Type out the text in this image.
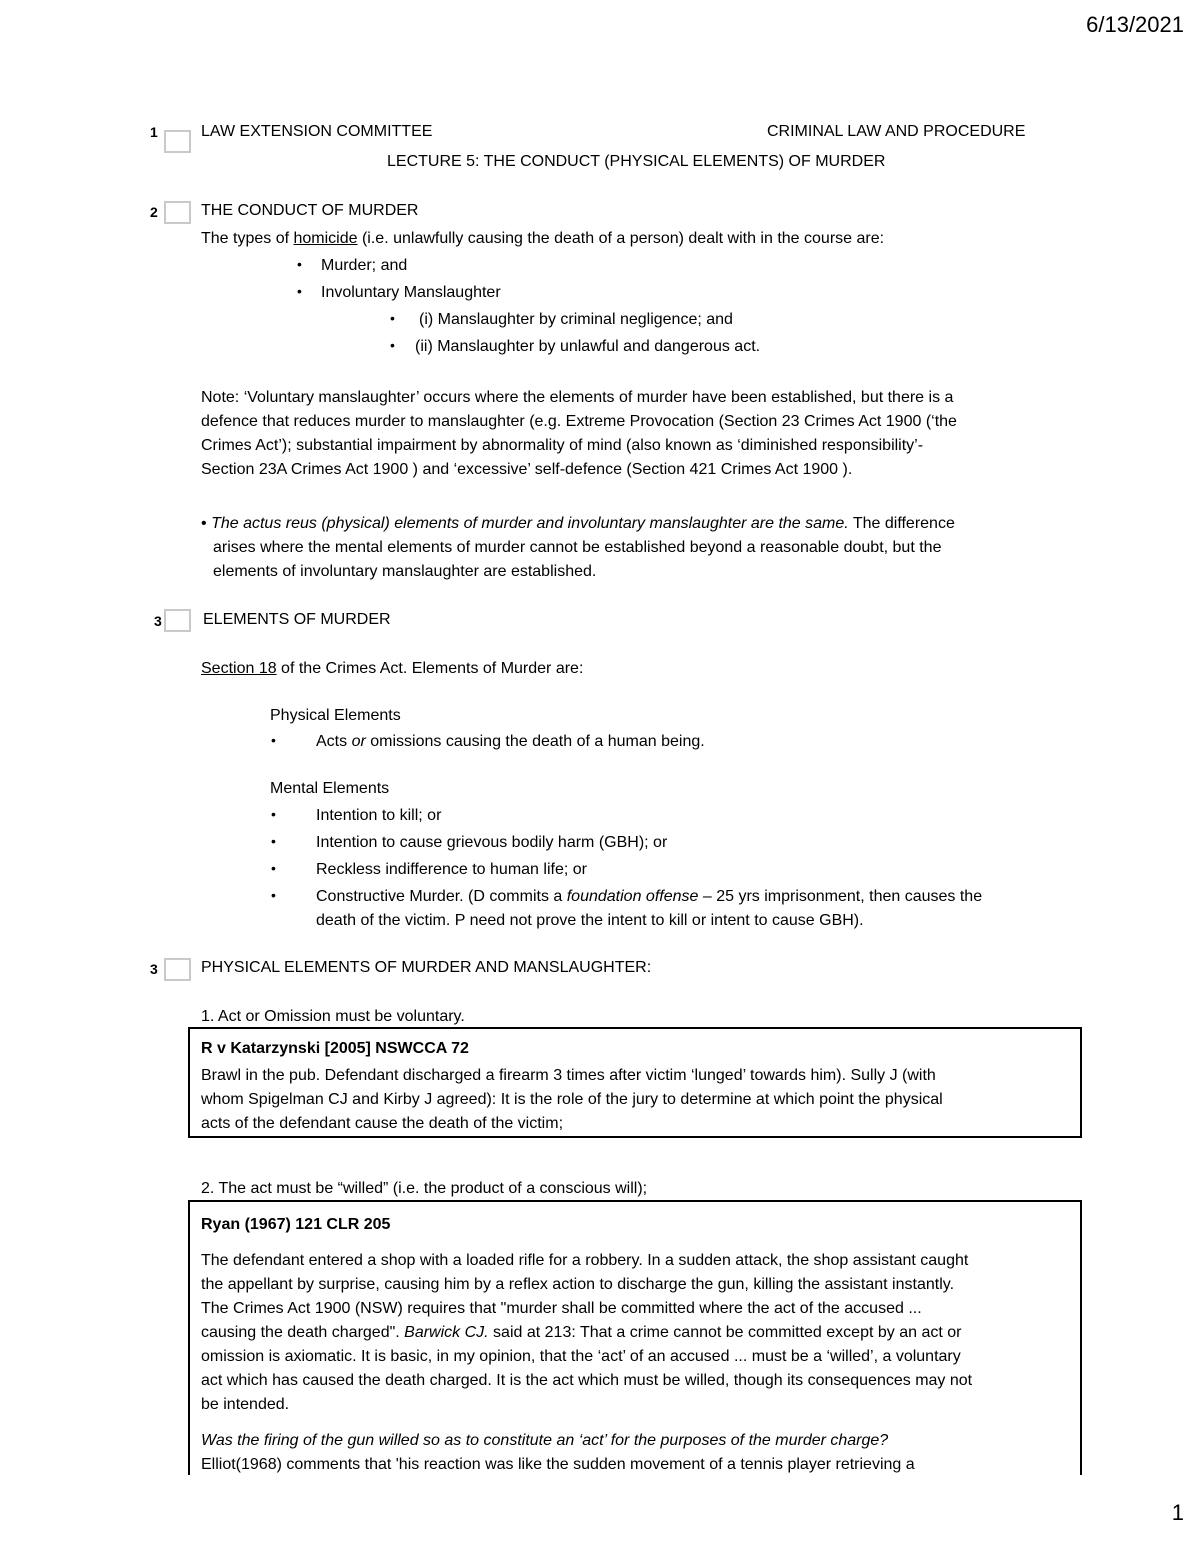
6/13/2021
1
1	LAW EXTENSION COMMITTEE	CRIMINAL LAW AND PROCEDURE
LECTURE 5: THE CONDUCT (PHYSICAL ELEMENTS) OF MURDER
2	THE CONDUCT OF MURDER
The types of homicide (i.e. unlawfully causing the death of a person) dealt with in the course are:
• Murder; and
• Involuntary Manslaughter
• (i) Manslaughter by criminal negligence; and
• (ii) Manslaughter by unlawful and dangerous act.
Note: ‘Voluntary manslaughter’ occurs where the elements of murder have been established, but there is a
defence that reduces murder to manslaughter (e.g. Extreme Provocation (Section 23 Crimes Act 1900 (‘the
Crimes Act’); substantial impairment by abnormality of mind (also known as ‘diminished responsibility’-
Section 23A Crimes Act 1900 ) and ‘excessive’ self-defence (Section 421 Crimes Act 1900 ).
• The actus reus (physical) elements of murder and involuntary manslaughter are the same. The difference
arises where the mental elements of murder cannot be established beyond a reasonable doubt, but the
elements of involuntary manslaughter are established.
3	ELEMENTS OF MURDER
Section 18 of the Crimes Act. Elements of Murder are:
Physical Elements
•	Acts or omissions causing the death of a human being.
Mental Elements
•	Intention to kill; or
•	Intention to cause grievous bodily harm (GBH); or
•	Reckless indifference to human life; or
•	Constructive Murder. (D commits a foundation offense – 25 yrs imprisonment, then causes the
death of the victim. P need not prove the intent to kill or intent to cause GBH).
3	PHYSICAL ELEMENTS OF MURDER AND MANSLAUGHTER:
1. Act or Omission must be voluntary.
R v Katarzynski [2005] NSWCCA 72
Brawl in the pub. Defendant discharged a firearm 3 times after victim ‘lunged’ towards him). Sully J (with
whom Spigelman CJ and Kirby J agreed): It is the role of the jury to determine at which point the physical
acts of the defendant cause the death of the victim;
2. The act must be “willed” (i.e. the product of a conscious will);
Ryan (1967) 121 CLR 205
The defendant entered a shop with a loaded rifle for a robbery. In a sudden attack, the shop assistant caught
the appellant by surprise, causing him by a reflex action to discharge the gun, killing the assistant instantly.
The Crimes Act 1900 (NSW) requires that "murder shall be committed where the act of the accused ...
causing the death charged". Barwick CJ. said at 213: That a crime cannot be committed except by an act or
omission is axiomatic. It is basic, in my opinion, that the ‘act’ of an accused ... must be a ‘willed’, a voluntary
act which has caused the death charged. It is the act which must be willed, though its consequences may not
be intended.
Was the firing of the gun willed so as to constitute an ‘act’ for the purposes of the murder charge?
Elliot(1968) comments that 'his reaction was like the sudden movement of a tennis player retrieving a
